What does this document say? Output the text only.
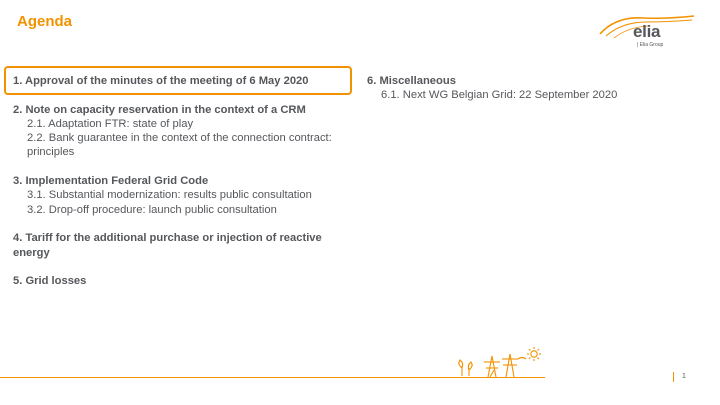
Agenda
elia
| Elia Group
1. Approval of the minutes of the meeting of 6 May 2020
2. Note on capacity reservation in the context of a CRM
2.1. Adaptation FTR: state of play
2.2. Bank guarantee in the context of the connection contract: principles
3. Implementation Federal Grid Code
3.1. Substantial modernization: results public consultation
3.2. Drop-off procedure: launch public consultation
4. Tariff for the additional purchase or injection of reactive energy
5. Grid losses
6. Miscellaneous
6.1. Next WG Belgian Grid: 22 September 2020
1
